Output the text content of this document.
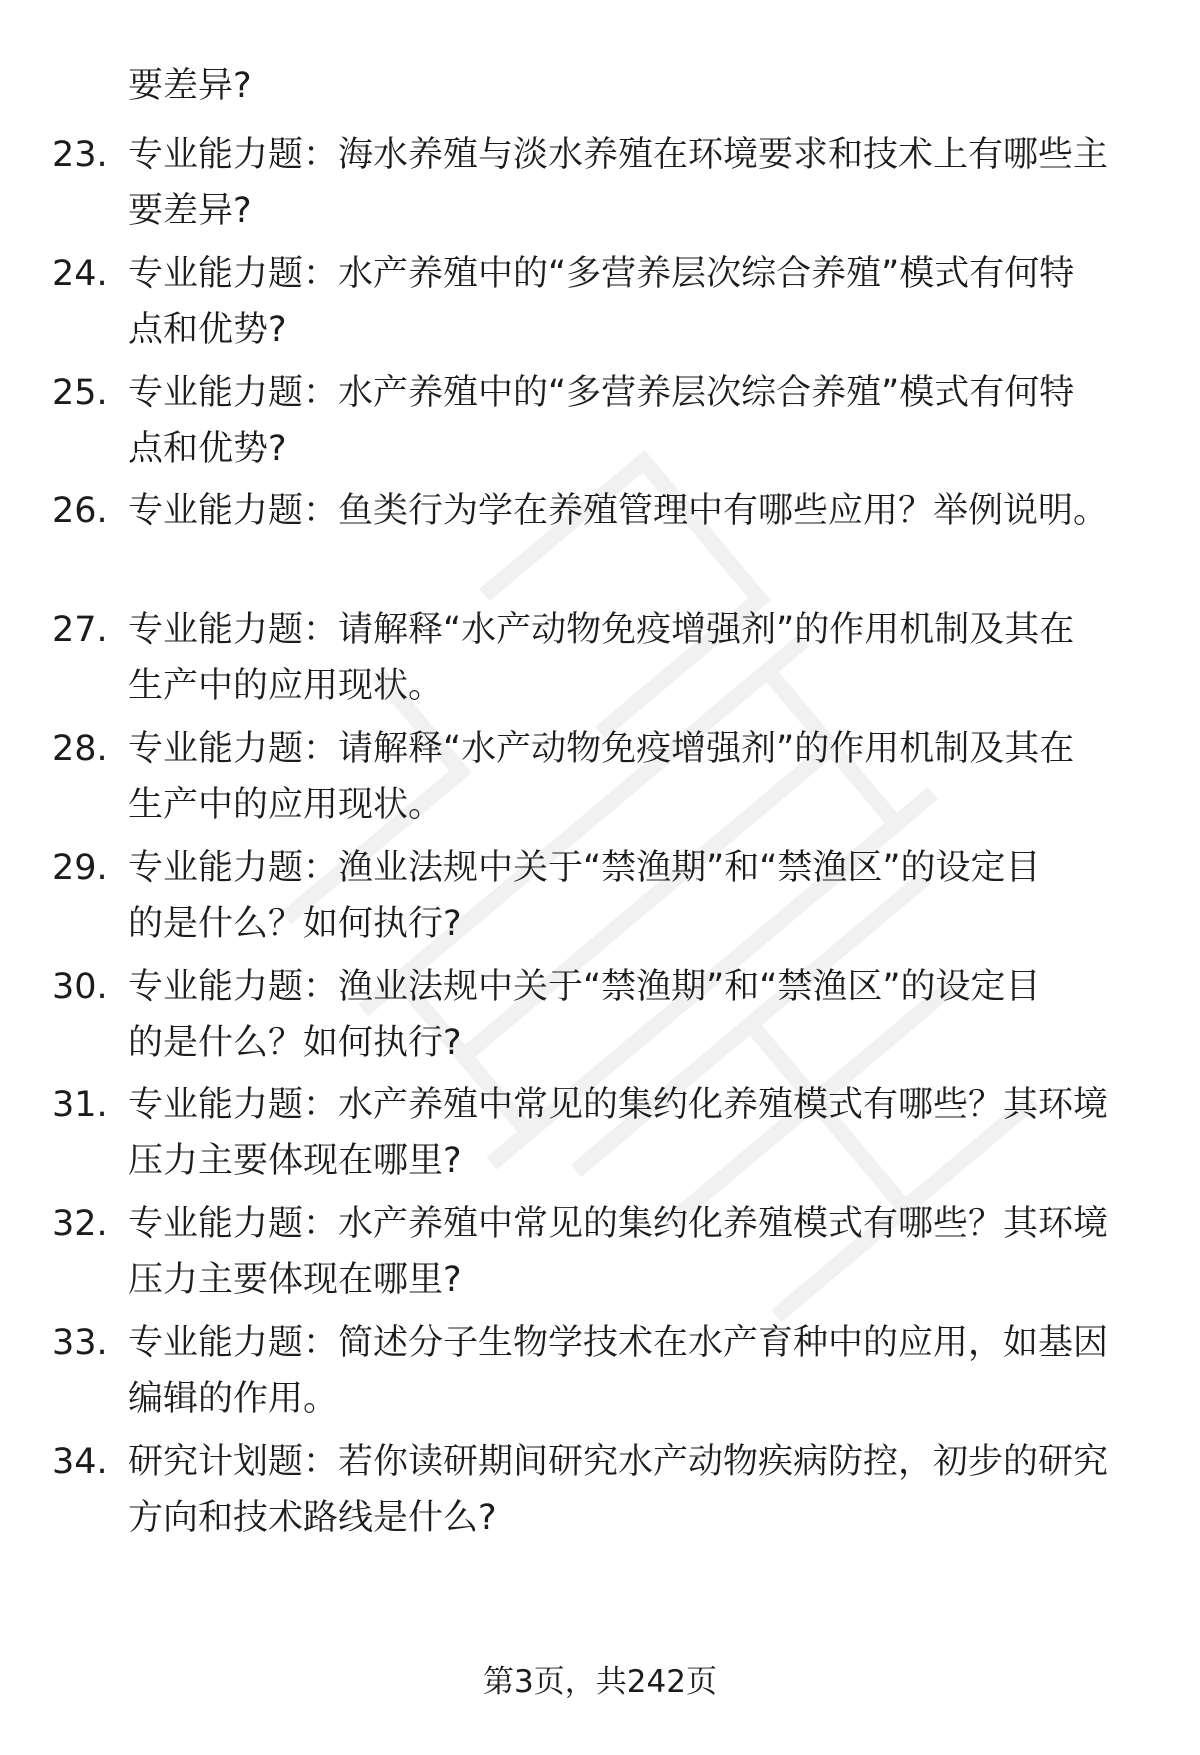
要差异?
23. 专业能力题：海水养殖与淡水养殖在环境要求和技术上有哪些主
要差异?
24. 专业能力题：水产养殖中的“多营养层次综合养殖”模式有何特
点和优势?
25. 专业能力题：水产养殖中的“多营养层次综合养殖”模式有何特
点和优势?
26. 专业能力题：鱼类行为学在养殖管理中有哪些应用？举例说明。
27. 专业能力题：请解释“水产动物免疫增强剂”的作用机制及其在
生产中的应用现状。
28. 专业能力题：请解释“水产动物免疫增强剂”的作用机制及其在
生产中的应用现状。
29. 专业能力题：渔业法规中关于“禁渔期”和“禁渔区”的设定目
的是什么？如何执行?
30. 专业能力题：渔业法规中关于“禁渔期”和“禁渔区”的设定目
的是什么？如何执行?
31. 专业能力题：水产养殖中常见的集约化养殖模式有哪些？其环境
压力主要体现在哪里?
32. 专业能力题：水产养殖中常见的集约化养殖模式有哪些？其环境
压力主要体现在哪里?
33. 专业能力题：简述分子生物学技术在水产育种中的应用，如基因
编辑的作用。
34. 研究计划题：若你读研期间研究水产动物疾病防控，初步的研究
方向和技术路线是什么?
第3页，共242页
